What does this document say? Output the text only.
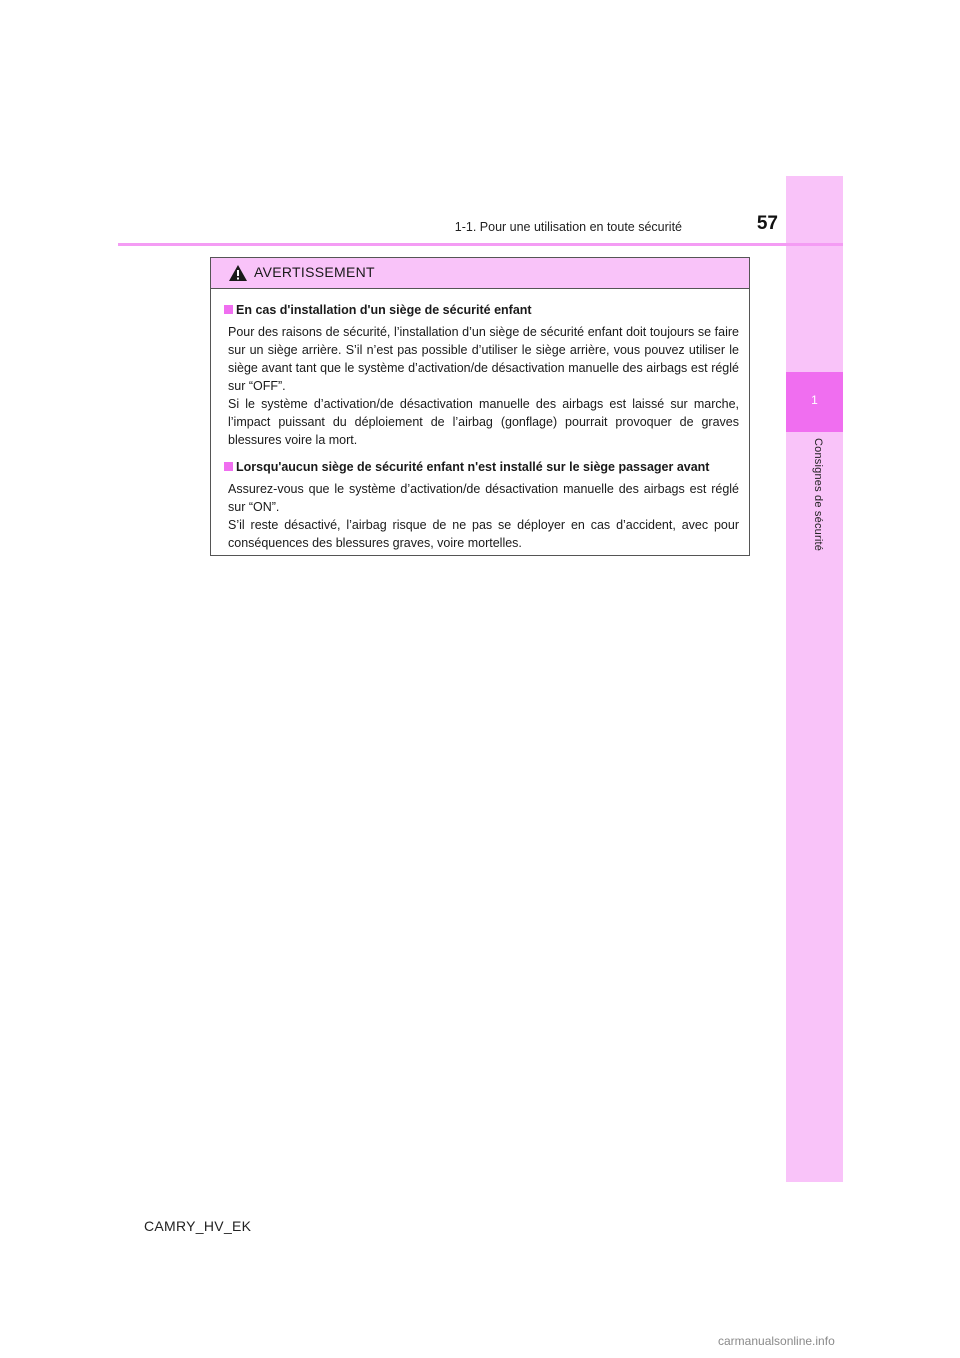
1
Consignes de sécurité
1-1. Pour une utilisation en toute sécurité	57
AVERTISSEMENT
En cas d'installation d'un siège de sécurité enfant

Pour des raisons de sécurité, l’installation d’un siège de sécurité enfant doit toujours se faire sur un siège arrière. S’il n’est pas possible d’utiliser le siège arrière, vous pouvez utiliser le siège avant tant que le système d’activation/de désactivation manuelle des airbags est réglé sur “OFF”.

Si le système d’activation/de désactivation manuelle des airbags est laissé sur marche, l’impact puissant du déploiement de l’airbag (gonflage) pourrait provoquer de graves blessures voire la mort.

Lorsqu'aucun siège de sécurité enfant n'est installé sur le siège passager avant

Assurez-vous que le système d’activation/de désactivation manuelle des airbags est réglé sur “ON”.

S’il reste désactivé, l’airbag risque de ne pas se déployer en cas d’accident, avec pour conséquences des blessures graves, voire mortelles.

CAMRY_HV_EK
carmanualsonline.info
